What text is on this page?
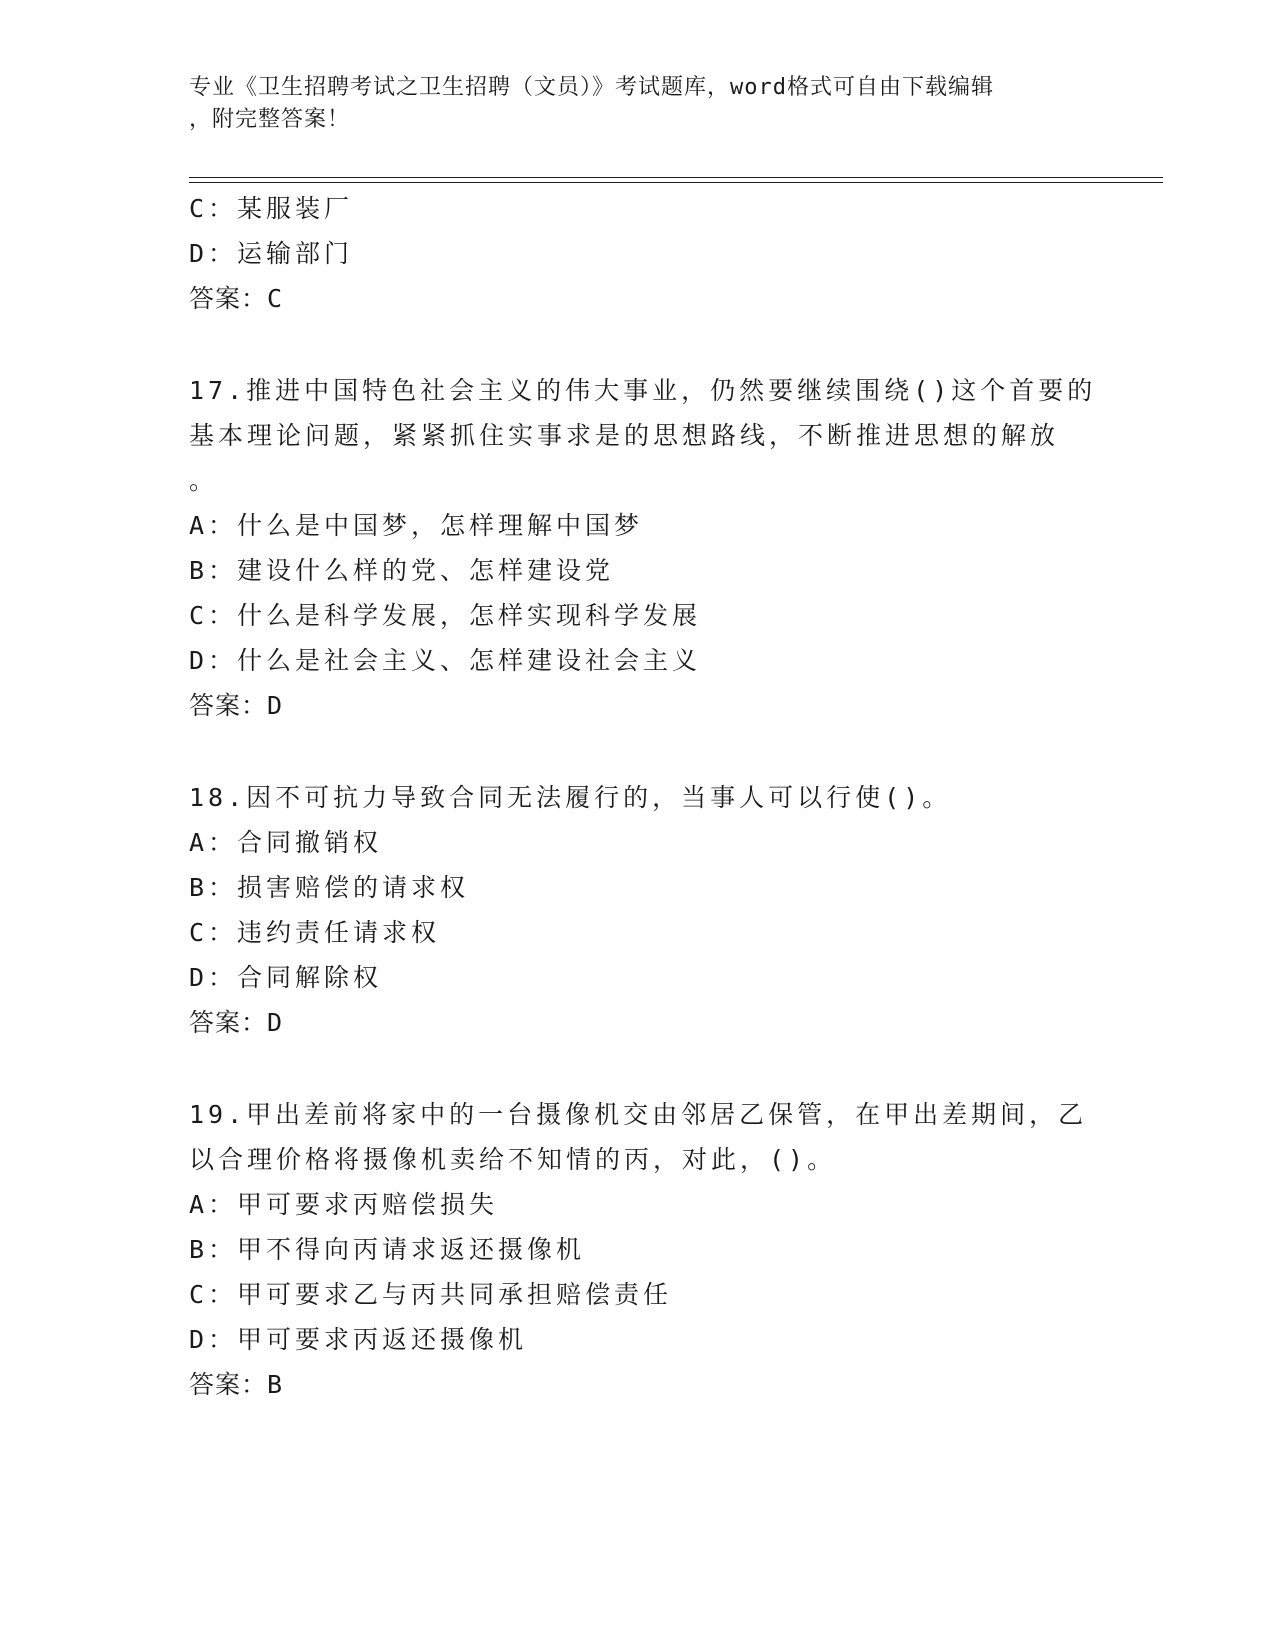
专业《卫生招聘考试之卫生招聘（文员）》考试题库，word格式可自由下载编辑
，附完整答案！
C：某服装厂
D：运输部门
答案：C
17.推进中国特色社会主义的伟大事业，仍然要继续围绕()这个首要的
基本理论问题，紧紧抓住实事求是的思想路线，不断推进思想的解放
。
A：什么是中国梦，怎样理解中国梦
B：建设什么样的党、怎样建设党
C：什么是科学发展，怎样实现科学发展
D：什么是社会主义、怎样建设社会主义
答案：D
18.因不可抗力导致合同无法履行的，当事人可以行使()。
A：合同撤销权
B：损害赔偿的请求权
C：违约责任请求权
D：合同解除权
答案：D
19.甲出差前将家中的一台摄像机交由邻居乙保管，在甲出差期间，乙
以合理价格将摄像机卖给不知情的丙，对此，()。
A：甲可要求丙赔偿损失
B：甲不得向丙请求返还摄像机
C：甲可要求乙与丙共同承担赔偿责任
D：甲可要求丙返还摄像机
答案：B
